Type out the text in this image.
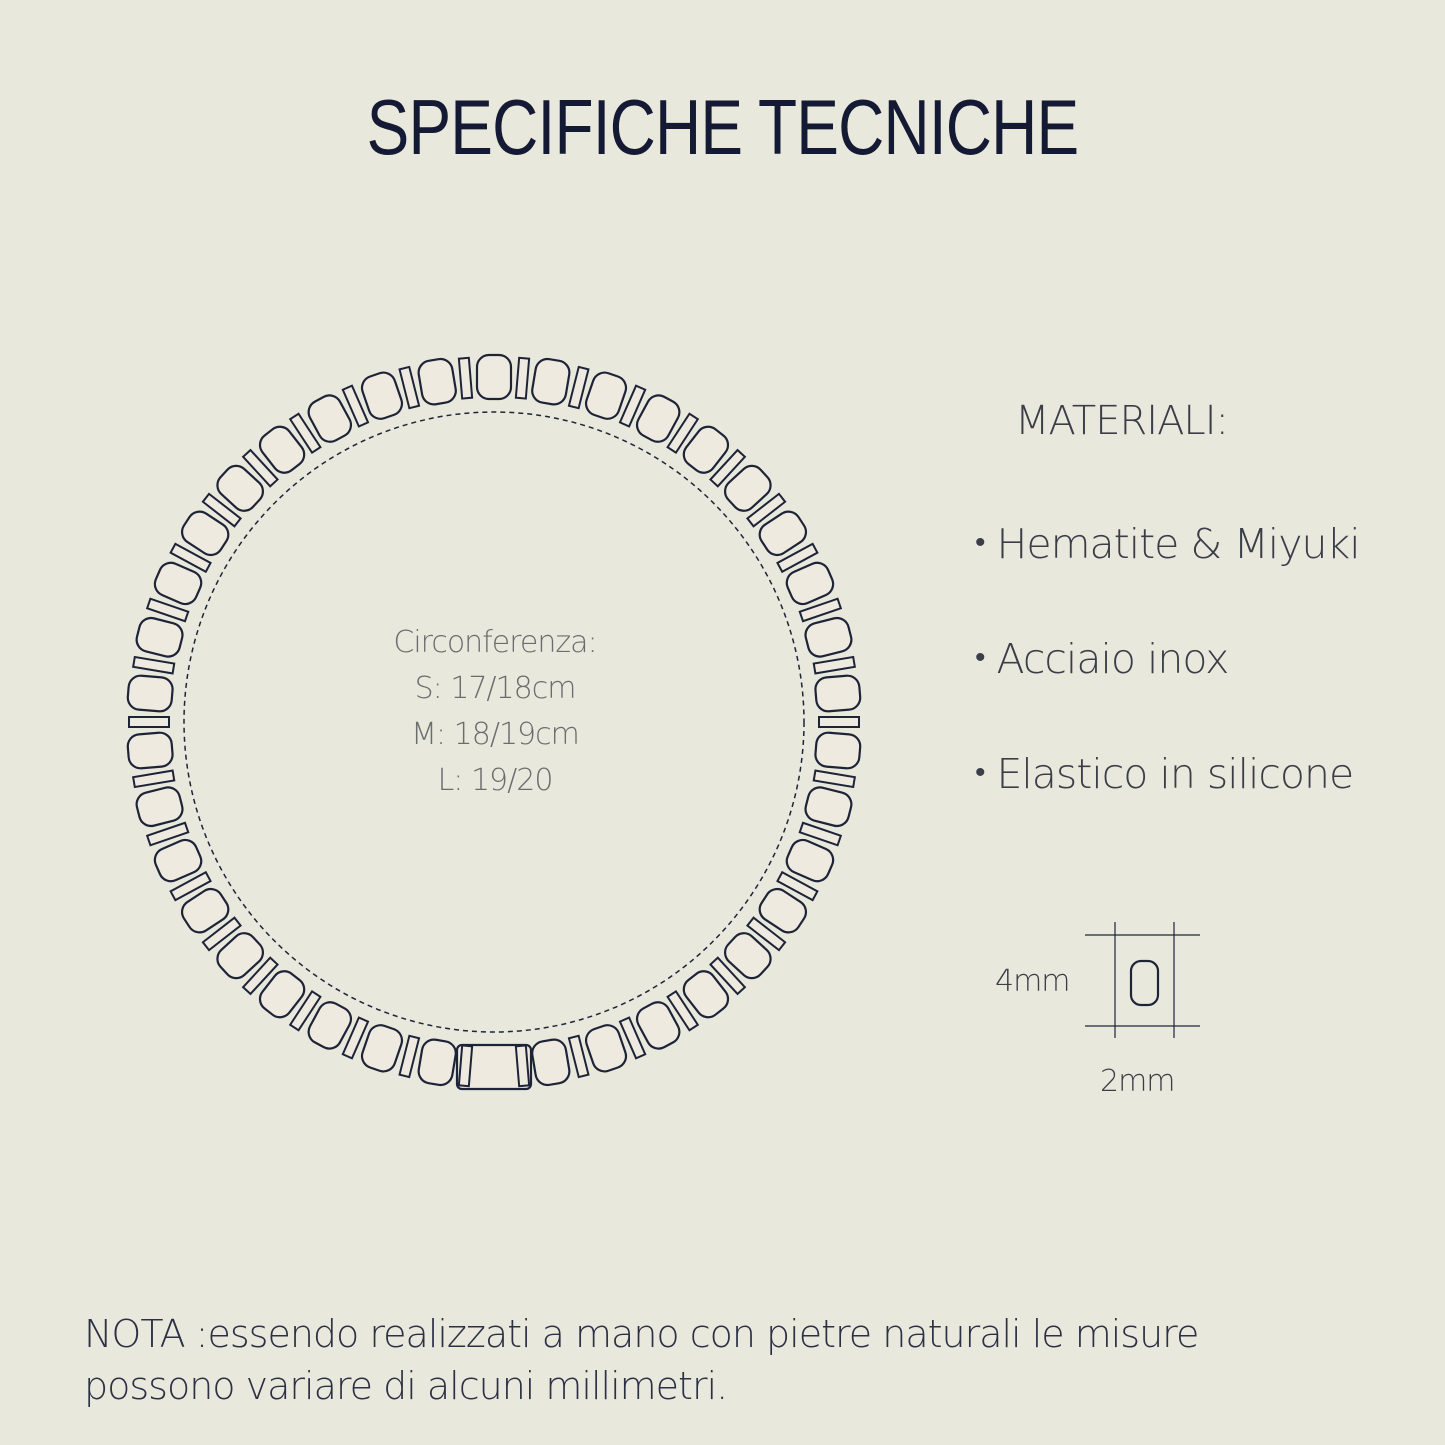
SPECIFICHE TECNICHE
Circonferenza:
S: 17/18cm
M: 18/19cm
L: 19/20
MATERIALI:
• Hematite & Miyuki
• Acciaio inox
• Elastico in silicone
4mm
2mm
NOTA :essendo realizzati a mano con pietre naturali le misure
possono variare di alcuni millimetri.
